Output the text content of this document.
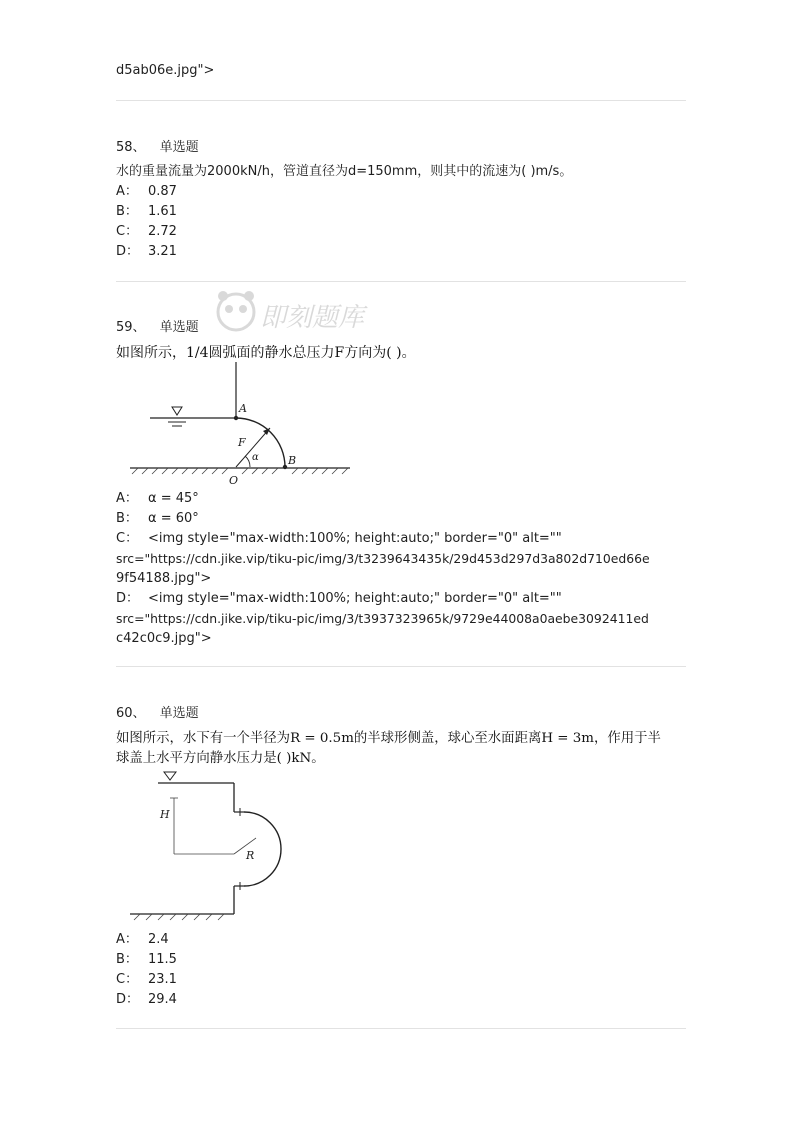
d5ab06e.jpg">
58、 单选题
水的重量流量为2000kN/h，管道直径为d=150mm，则其中的流速为( )m/s。
A： 0.87
B： 1.61
C： 2.72
D： 3.21
59、 单选题
如图所示，1/4圆弧面的静水总压力F方向为( )。
A
B
O
F
α
A： α = 45°
B： α = 60°
C： <img style="max-width:100%; height:auto;" border="0" alt=""
src="https://cdn.jike.vip/tiku-pic/img/3/t3239643435k/29d453d297d3a802d710ed66e
9f54188.jpg">
D： <img style="max-width:100%; height:auto;" border="0" alt=""
src="https://cdn.jike.vip/tiku-pic/img/3/t3937323965k/9729e44008a0aebe3092411ed
c42c0c9.jpg">
60、 单选题
如图所示，水下有一个半径为R = 0.5m的半球形侧盖，球心至水面距离H = 3m，作用于半
球盖上水平方向静水压力是( )kN。
H
R
A： 2.4
B： 11.5
C： 23.1
D： 29.4
即刻题库
